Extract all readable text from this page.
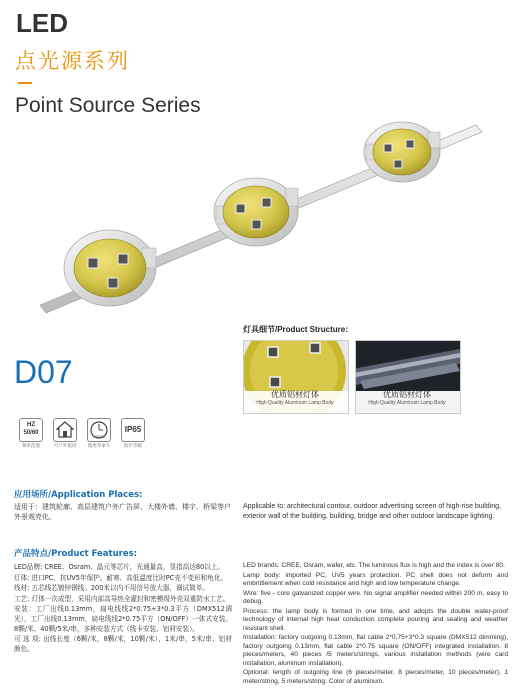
LED
点光源系列
Point Source Series
D07
灯具细节/Product Structure:
优质铝材灯体
High Quality Aluminum Lamp Body
优质铝材灯体
High Quality Aluminum Lamp Body
HZ
50/60
频率范围	可户外使用
50000h
使用寿命久
IP65
防护等级
应用场所/Application Places:
适用于：建筑轮廓、高层建筑户外广告屏、大楼外墙、楼宇、桥梁等户外景观亮化。
Applicable to: architectural contour, outdoor advertising screen of high-rise building, exterior wall of the building, building, bridge and other outdoor landscape lighting.
产品特点/Product Features:

LED品牌: CREE、Osram、晶元等芯片，光通量高，显指高达80以上。

灯体: 进口PC，抗UV5年保护。耐寒、高低温度比时PC壳不变形和龟化。

线材: 五芯线芯镀锌钢线。200米以内不用信号放大器，调试简单。

工艺: 灯体一次成型，采用内部高导热全灌封和密模级外壳双重防水工艺。

安装：工厂出线0.13mm，扁电线线2*0.75+3*0.3平方（DMX512调光），工厂出线0.13mm，扁电线线2*0.75平方（ON/OFF）一体式安装。8颗/米、40颗/5米/串，多种安装方式（线卡安装、铝材安装）。

可 选 项: 出线长度（6颗/米，8颗/米，10颗/米），1米/串，5米/串；铝材颜色。

LED brands: CREE, Osram, wafer, etc. The luminous flux is high and the index is over 80.

Lamp body: imported PC, UV5 years protection. PC shell does not deform and embrittlement when cold resistance and high and low temperature change.

Wire: five - core galvanized copper wire. No signal amplifier needed within 200 m, easy to debug.

Process: the lamp body is formed in one time, and adopts the double water-proof technology of internal high heat conduction complete pouring and sealing and weather resistant shell.

Installation: factory outgoing 0.13mm, flat cable 2*0.75+3*0.3 square (DMX512 dimming), factory outgoing 0.13mm, flat cable 2*0.75 square (ON/OFF) integrated installation. 8 pieces/meters, 40 pieces /5 meters/strings, various installation methods (wire card installation, aluminum installation).

Optional: length of outgoing line (6 pieces/meter, 8 pieces/meter, 10 pieces/meter), 1 meter/string, 5 meters/string; Color of aluminum.
